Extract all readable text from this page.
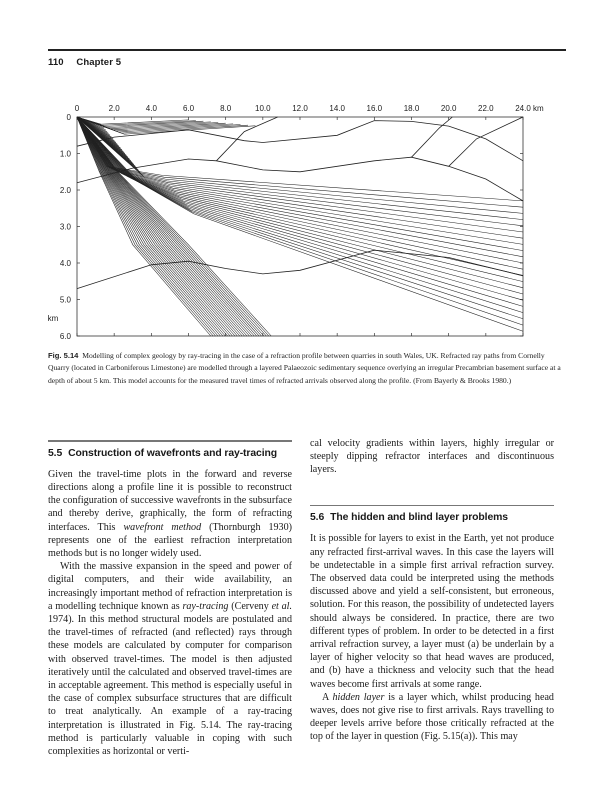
110 Chapter 5
0	2.0	4.0	6.0	8.0	10.0	12.0	14.0	16.0	18.0	20.0	22.0	24.0 km
0
1.0
2.0
3.0
4.0
5.0
6.0
km
Fig. 5.14 Modelling of complex geology by ray-tracing in the case of a refraction profile between quarries in south Wales, UK. Refracted ray paths from Cornelly Quarry (located in Carboniferous Limestone) are modelled through a layered Palaeozoic sedimentary sequence overlying an irregular Precambrian basement surface at a depth of about 5 km. This model accounts for the measured travel times of refracted arrivals observed along the profile. (From Bayerly & Brooks 1980.)
5.5 Construction of wavefronts and ray-tracing

Given the travel-time plots in the forward and reverse directions along a profile line it is possible to reconstruct the configuration of successive wavefronts in the subsurface and thereby derive, graphically, the form of refracting interfaces. This wavefront method (Thornburgh 1930) represents one of the earliest refraction interpretation methods but is no longer widely used.

With the massive expansion in the speed and power of digital computers, and their wide availability, an increasingly important method of refraction interpretation is a modelling technique known as ray-tracing (Cerveny et al. 1974). In this method structural models are postulated and the travel-times of refracted (and reflected) rays through these models are calculated by computer for comparison with observed travel-times. The model is then adjusted iteratively until the calculated and observed travel-times are in acceptable agreement. This method is especially useful in the case of complex subsurface structures that are difficult to treat analytically. An example of a ray-tracing interpretation is illustrated in Fig. 5.14. The ray-tracing method is particularly valuable in coping with such complexities as horizontal or verti-

cal velocity gradients within layers, highly irregular or steeply dipping refractor interfaces and discontinuous layers.

5.6 The hidden and blind layer problems

It is possible for layers to exist in the Earth, yet not produce any refracted first-arrival waves. In this case the layers will be undetectable in a simple first arrival refraction survey. The observed data could be interpreted using the methods discussed above and yield a self-consistent, but erroneous, solution. For this reason, the possibility of undetected layers should always be considered. In practice, there are two different types of problem. In order to be detected in a first arrival refraction survey, a layer must (a) be underlain by a layer of higher velocity so that head waves are produced, and (b) have a thickness and velocity such that the head waves become first arrivals at some range.

A hidden layer is a layer which, whilst producing head waves, does not give rise to first arrivals. Rays travelling to deeper levels arrive before those critically refracted at the top of the layer in question (Fig. 5.15(a)). This may
